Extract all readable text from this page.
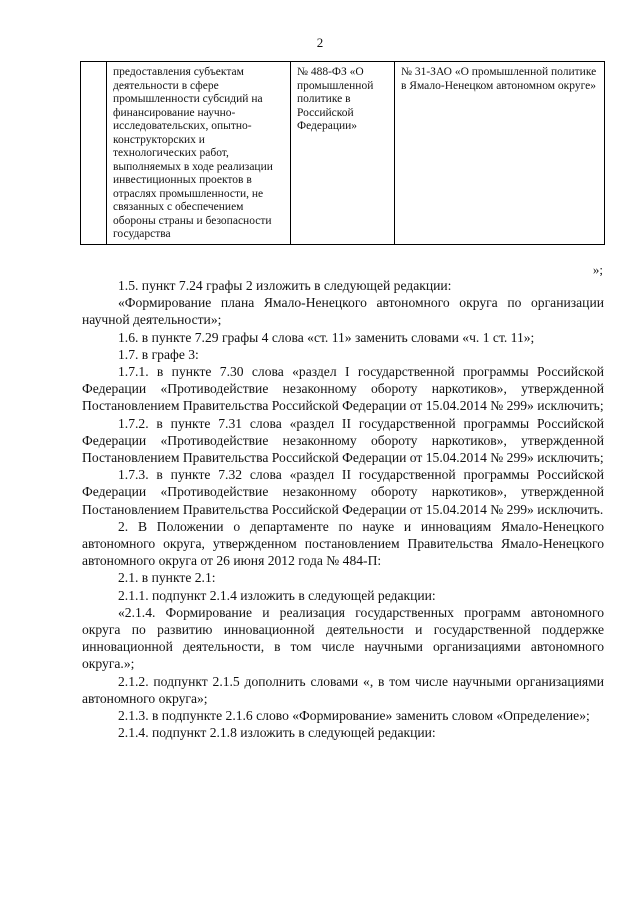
2
	предоставления субъектам деятельности в сфере промышленности субсидий на финансирование научно-исследовательских, опытно-конструкторских и технологических работ, выполняемых в ходе реализации инвестиционных проектов в отраслях промышленности, не связанных с обеспечением обороны страны и безопасности государства	№ 488-ФЗ «О промышленной политике в Российской Федерации»	№ 31-ЗАО «О промышленной политике в Ямало-Ненецком автономном округе»
»;

1.5. пункт 7.24 графы 2 изложить в следующей редакции:

«Формирование плана Ямало-Ненецкого автономного округа по организации научной деятельности»;

1.6. в пункте 7.29 графы 4 слова «ст. 11» заменить словами «ч. 1 ст. 11»;

1.7. в графе 3:

1.7.1. в пункте 7.30 слова «раздел I государственной программы Российской Федерации «Противодействие незаконному обороту наркотиков», утвержденной Постановлением Правительства Российской Федерации от 15.04.2014 № 299» исключить;

1.7.2. в пункте 7.31 слова «раздел II государственной программы Российской Федерации «Противодействие незаконному обороту наркотиков», утвержденной Постановлением Правительства Российской Федерации от 15.04.2014 № 299» исключить;

1.7.3. в пункте 7.32 слова «раздел II государственной программы Российской Федерации «Противодействие незаконному обороту наркотиков», утвержденной Постановлением Правительства Российской Федерации от 15.04.2014 № 299» исключить.

2. В Положении о департаменте по науке и инновациям Ямало-Ненецкого автономного округа, утвержденном постановлением Правительства Ямало-Ненецкого автономного округа от 26 июня 2012 года № 484-П:

2.1. в пункте 2.1:

2.1.1. подпункт 2.1.4 изложить в следующей редакции:

«2.1.4. Формирование и реализация государственных программ автономного округа по развитию инновационной деятельности и государственной поддержке инновационной деятельности, в том числе научными организациями автономного округа.»;

2.1.2. подпункт 2.1.5 дополнить словами «, в том числе научными организациями автономного округа»;

2.1.3. в подпункте 2.1.6 слово «Формирование» заменить словом «Определение»;

2.1.4. подпункт 2.1.8 изложить в следующей редакции:
